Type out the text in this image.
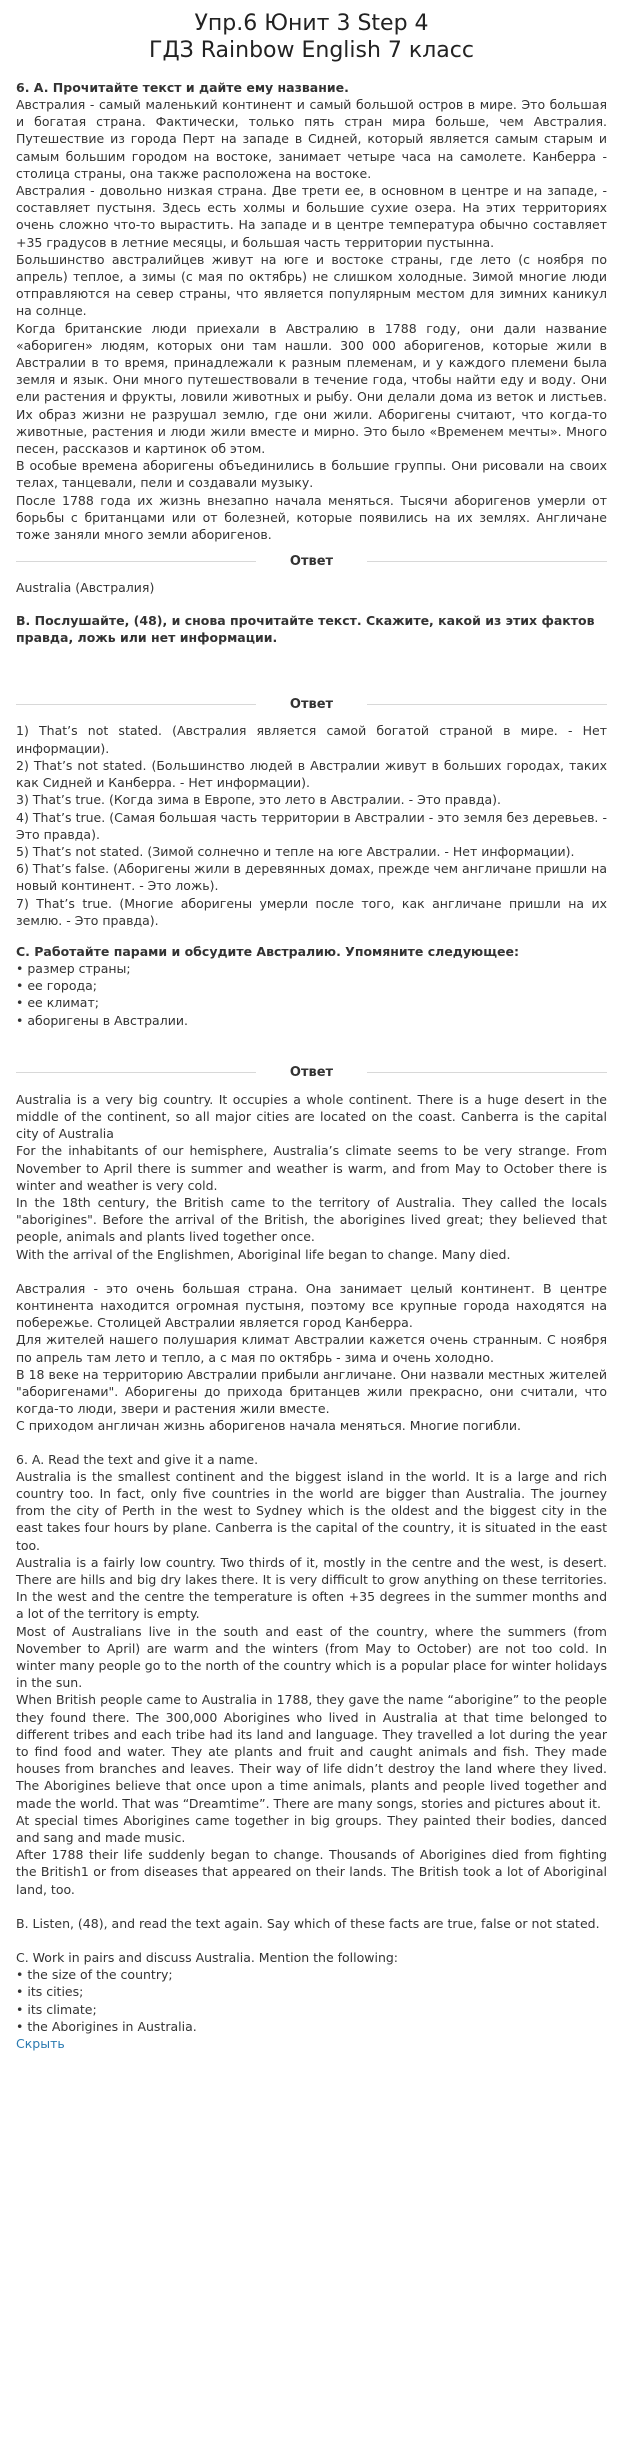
Упр.6 Юнит 3 Step 4
ГДЗ Rainbow English 7 класс
6. A. Прочитайте текст и дайте ему название.

Австралия - самый маленький континент и самый большой остров в мире. Это большая и богатая страна. Фактически, только пять стран мира больше, чем Австралия. Путешествие из города Перт на западе в Сидней, который является самым старым и самым большим городом на востоке, занимает четыре часа на самолете. Канберра - столица страны, она также расположена на востоке.

Австралия - довольно низкая страна. Две трети ее, в основном в центре и на западе, - составляет пустыня. Здесь есть холмы и большие сухие озера. На этих территориях очень сложно что-то вырастить. На западе и в центре температура обычно составляет +35 градусов в летние месяцы, и большая часть территории пустынна.

Большинство австралийцев живут на юге и востоке страны, где лето (с ноября по апрель) теплое, а зимы (с мая по октябрь) не слишком холодные. Зимой многие люди отправляются на север страны, что является популярным местом для зимних каникул на солнце.

Когда британские люди приехали в Австралию в 1788 году, они дали название «абориген» людям, которых они там нашли. 300 000 аборигенов, которые жили в Австралии в то время, принадлежали к разным племенам, и у каждого племени была земля и язык. Они много путешествовали в течение года, чтобы найти еду и воду. Они ели растения и фрукты, ловили животных и рыбу. Они делали дома из веток и листьев. Их образ жизни не разрушал землю, где они жили. Аборигены считают, что когда-то животные, растения и люди жили вместе и мирно. Это было «Временем мечты». Много песен, рассказов и картинок об этом.

В особые времена аборигены объединились в большие группы. Они рисовали на своих телах, танцевали, пели и создавали музыку.

После 1788 года их жизнь внезапно начала меняться. Тысячи аборигенов умерли от борьбы с британцами или от болезней, которые появились на их землях. Англичане тоже заняли много земли аборигенов.

Ответ

Australia (Австралия)

B. Послушайте, (48), и снова прочитайте текст. Скажите, какой из этих фактов правда, ложь или нет информации.
Ответ

1) That’s not stated. (Австралия является самой богатой страной в мире. - Нет информации).

2) That’s not stated. (Большинство людей в Австралии живут в больших городах, таких как Сидней и Канберра. - Нет информации).

3) That’s true. (Когда зима в Европе, это лето в Австралии. - Это правда).

4) That’s true. (Самая большая часть территории в Австралии - это земля без деревьев. - Это правда).

5) That’s not stated. (Зимой солнечно и тепле на юге Австралии. - Нет информации).

6) That’s false. (Аборигены жили в деревянных домах, прежде чем англичане пришли на новый континент. - Это ложь).

7) That’s true. (Многие аборигены умерли после того, как англичане пришли на их землю. - Это правда).

C. Работайте парами и обсудите Австралию. Упомяните следующее:
• размер страны;
• ее города;
• ее климат;
• аборигены в Австралии.
Ответ

Australia is a very big country. It occupies a whole continent. There is a huge desert in the middle of the continent, so all major cities are located on the coast. Canberra is the capital city of Australia

For the inhabitants of our hemisphere, Australia’s climate seems to be very strange. From November to April there is summer and weather is warm, and from May to October there is winter and weather is very cold.

In the 18th century, the British came to the territory of Australia. They called the locals "aborigines". Before the arrival of the British, the aborigines lived great; they believed that people, animals and plants lived together once.

With the arrival of the Englishmen, Aboriginal life began to change. Many died.

Австралия - это очень большая страна. Она занимает целый континент. В центре континента находится огромная пустыня, поэтому все крупные города находятся на побережье. Столицей Австралии является город Канберра.

Для жителей нашего полушария климат Австралии кажется очень странным. С ноября по апрель там лето и тепло, а с мая по октябрь - зима и очень холодно.

В 18 веке на территорию Австралии прибыли англичане. Они назвали местных жителей "аборигенами". Аборигены до прихода британцев жили прекрасно, они считали, что когда-то люди, звери и растения жили вместе.

С приходом англичан жизнь аборигенов начала меняться. Многие погибли.

6. A. Read the text and give it a name.

Australia is the smallest continent and the biggest island in the world. It is a large and rich country too. In fact, only five countries in the world are bigger than Australia. The journey from the city of Perth in the west to Sydney which is the oldest and the biggest city in the east takes four hours by plane. Canberra is the capital of the country, it is situated in the east too.

Australia is a fairly low country. Two thirds of it, mostly in the centre and the west, is desert. There are hills and big dry lakes there. It is very difficult to grow anything on these territories. In the west and the centre the temperature is often +35 degrees in the summer months and a lot of the territory is empty.

Most of Australians live in the south and east of the country, where the summers (from November to April) are warm and the winters (from May to October) are not too cold. In winter many people go to the north of the country which is a popular place for winter holidays in the sun.

When British people came to Australia in 1788, they gave the name “aborigine” to the people they found there. The 300,000 Aborigines who lived in Australia at that time belonged to different tribes and each tribe had its land and language. They travelled a lot during the year to find food and water. They ate plants and fruit and caught animals and fish. They made houses from branches and leaves. Their way of life didn’t destroy the land where they lived. The Aborigines believe that once upon a time animals, plants and people lived together and made the world. That was “Dreamtime”. There are many songs, stories and pictures about it.

At special times Aborigines came together in big groups. They painted their bodies, danced and sang and made music.

After 1788 their life suddenly began to change. Thousands of Aborigines died from fighting the British1 or from diseases that appeared on their lands. The British took a lot of Aboriginal land, too.

B. Listen, (48), and read the text again. Say which of these facts are true, false or not stated.

C. Work in pairs and discuss Australia. Mention the following:

• the size of the country;
• its cities;
• its climate;
• the Aborigines in Australia.
Скрыть
